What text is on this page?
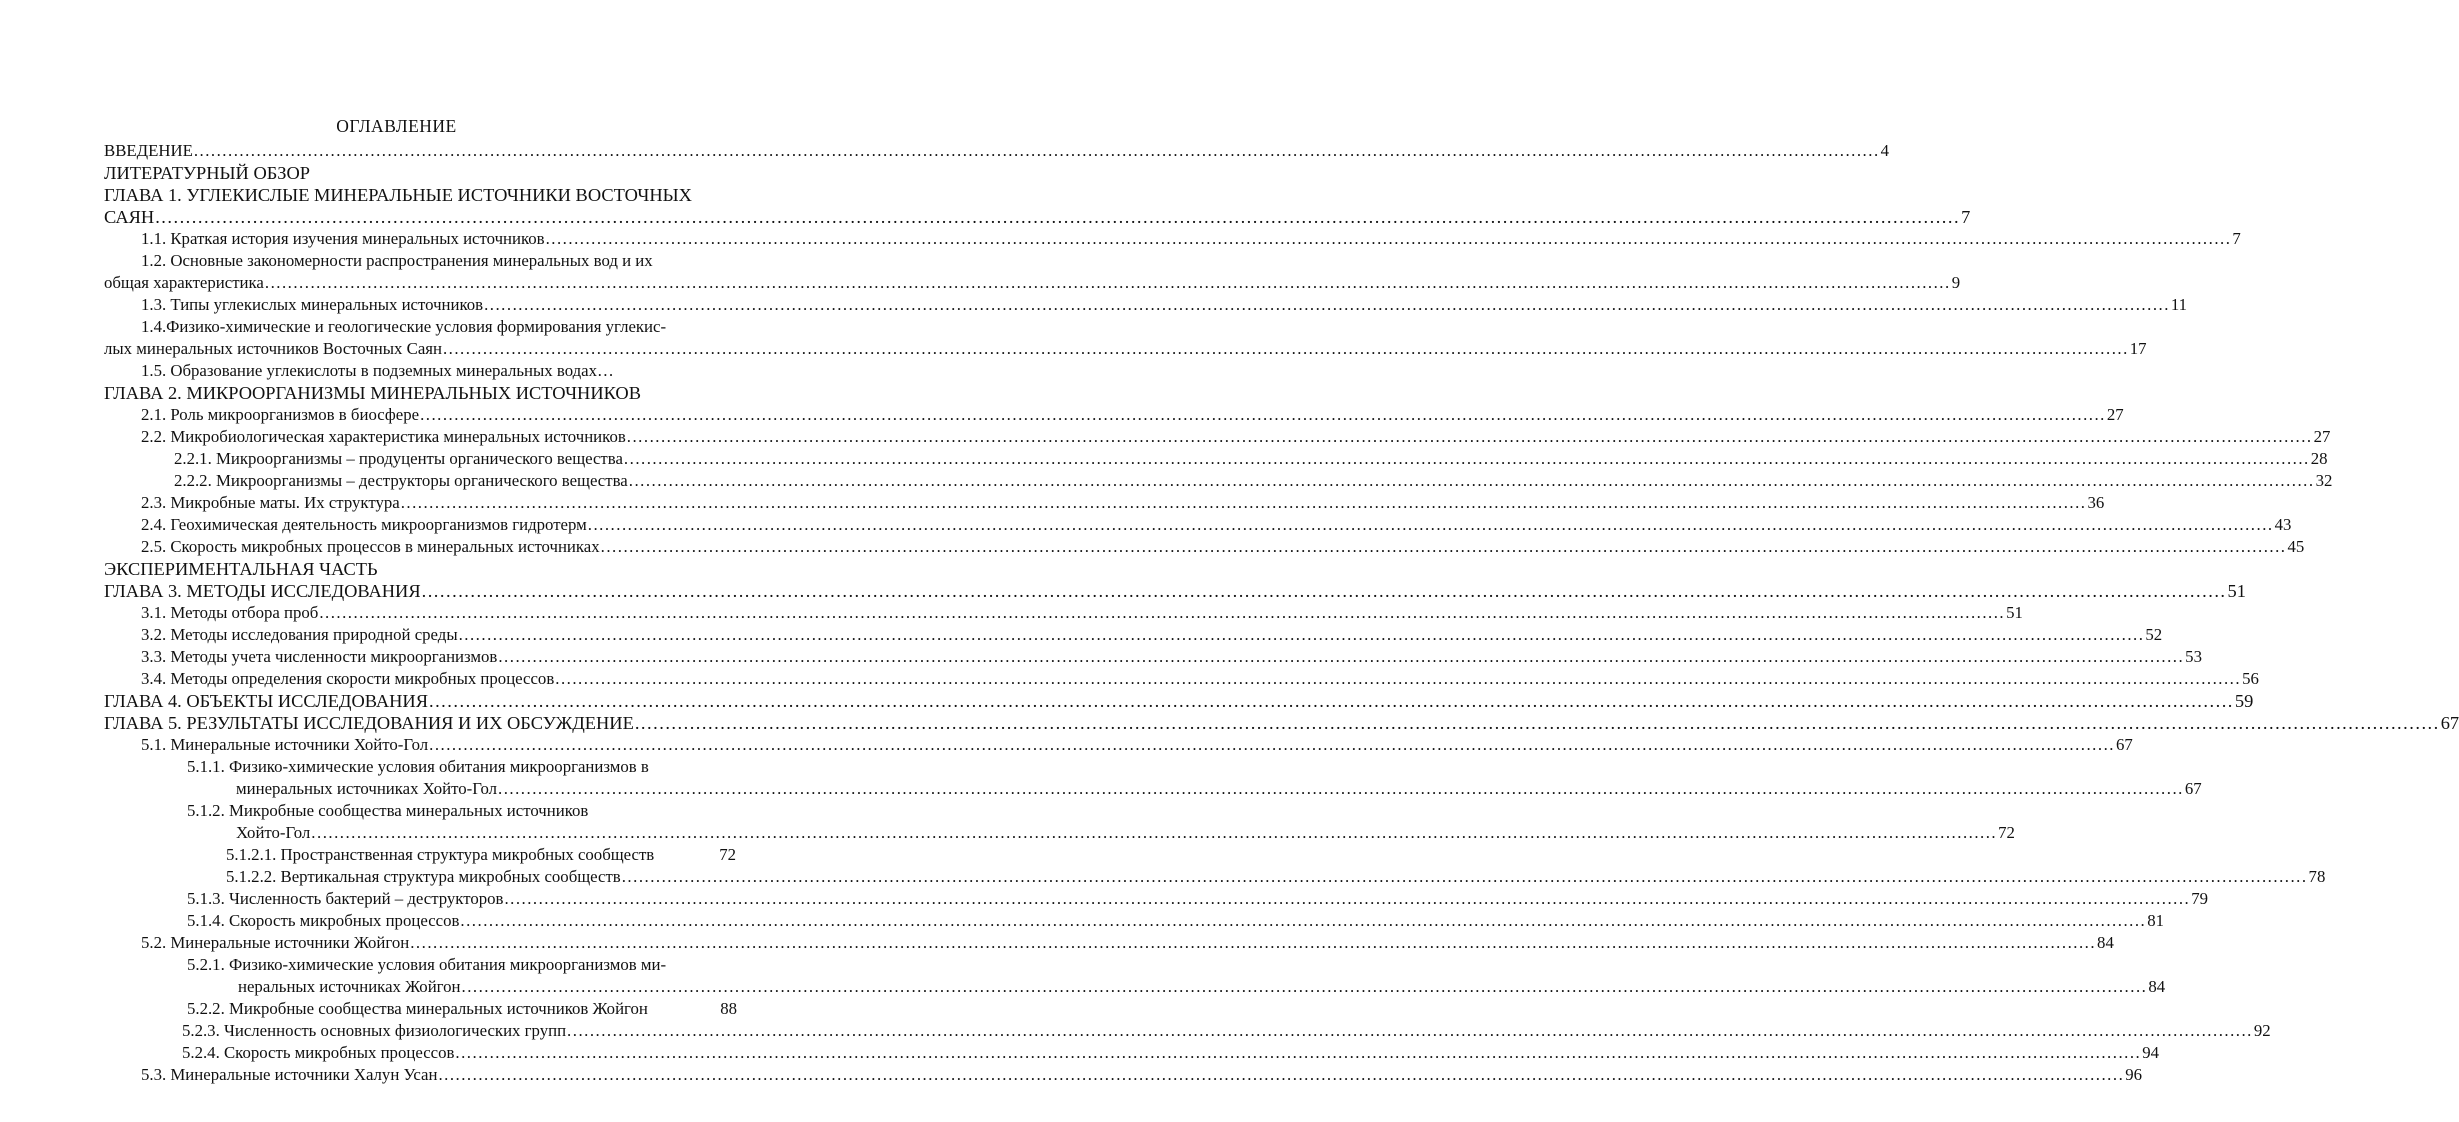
ОГЛАВЛЕНИЕ
ВВЕДЕНИЕ ........................................................................................................................................................................................................................................................................................................ 4
ЛИТЕРАТУРНЫЙ ОБЗОР
ГЛАВА 1. УГЛЕКИСЛЫЕ МИНЕРАЛЬНЫЕ ИСТОЧНИКИ ВОСТОЧНЫХ
САЯН ........................................................................................................................................................................................................................................................................................................ 7
1.1. Краткая история изучения минеральных источников ........................................................................................................................................................................................................................................................................................................ 7
1.2. Основные закономерности распространения минеральных вод и их
общая характеристика ........................................................................................................................................................................................................................................................................................................ 9
1.3. Типы углекислых минеральных источников ........................................................................................................................................................................................................................................................................................................ 11
1.4.Физико-химические и геологические условия формирования углекис-
лых минеральных источников Восточных Саян ........................................................................................................................................................................................................................................................................................................ 17
1.5. Образование углекислоты в подземных минеральных водах…
ГЛАВА 2. МИКРООРГАНИЗМЫ МИНЕРАЛЬНЫХ ИСТОЧНИКОВ
2.1. Роль микроорганизмов в биосфере ........................................................................................................................................................................................................................................................................................................ 27
2.2. Микробиологическая характеристика минеральных источников ........................................................................................................................................................................................................................................................................................................ 27
2.2.1. Микроорганизмы – продуценты органического вещества ........................................................................................................................................................................................................................................................................................................ 28
2.2.2. Микроорганизмы – деструкторы органического вещества ........................................................................................................................................................................................................................................................................................................ 32
2.3. Микробные маты. Их структура ........................................................................................................................................................................................................................................................................................................ 36
2.4. Геохимическая деятельность микроорганизмов гидротерм ........................................................................................................................................................................................................................................................................................................ 43
2.5. Скорость микробных процессов в минеральных источниках ........................................................................................................................................................................................................................................................................................................ 45
ЭКСПЕРИМЕНТАЛЬНАЯ ЧАСТЬ
ГЛАВА 3. МЕТОДЫ ИССЛЕДОВАНИЯ ........................................................................................................................................................................................................................................................................................................ 51
3.1. Методы отбора проб ........................................................................................................................................................................................................................................................................................................ 51
3.2. Методы исследования природной среды ........................................................................................................................................................................................................................................................................................................ 52
3.3. Методы учета численности микроорганизмов ........................................................................................................................................................................................................................................................................................................ 53
3.4. Методы определения скорости микробных процессов ........................................................................................................................................................................................................................................................................................................ 56
ГЛАВА 4. ОБЪЕКТЫ ИССЛЕДОВАНИЯ ........................................................................................................................................................................................................................................................................................................ 59
ГЛАВА 5. РЕЗУЛЬТАТЫ ИССЛЕДОВАНИЯ И ИХ ОБСУЖДЕНИЕ ........................................................................................................................................................................................................................................................................................................ 67
5.1. Минеральные источники Хойто-Гол ........................................................................................................................................................................................................................................................................................................ 67
5.1.1. Физико-химические условия обитания микроорганизмов в
минеральных источниках Хойто-Гол ........................................................................................................................................................................................................................................................................................................ 67
5.1.2. Микробные сообщества минеральных источников
Хойто-Гол ........................................................................................................................................................................................................................................................................................................ 72
5.1.2.1. Пространственная структура микробных сообществ	72
5.1.2.2. Вертикальная структура микробных сообществ ........................................................................................................................................................................................................................................................................................................ 78
5.1.3. Численность бактерий – деструкторов ........................................................................................................................................................................................................................................................................................................ 79
5.1.4. Скорость микробных процессов ........................................................................................................................................................................................................................................................................................................ 81
5.2. Минеральные источники Жойгон ........................................................................................................................................................................................................................................................................................................ 84
5.2.1. Физико-химические условия обитания микроорганизмов ми-
неральных источниках Жойгон ........................................................................................................................................................................................................................................................................................................ 84
5.2.2. Микробные сообщества минеральных источников Жойгон	88
5.2.3. Численность основных физиологических групп ........................................................................................................................................................................................................................................................................................................ 92
5.2.4. Скорость микробных процессов ........................................................................................................................................................................................................................................................................................................ 94
5.3. Минеральные источники Халун Усан ........................................................................................................................................................................................................................................................................................................ 96
